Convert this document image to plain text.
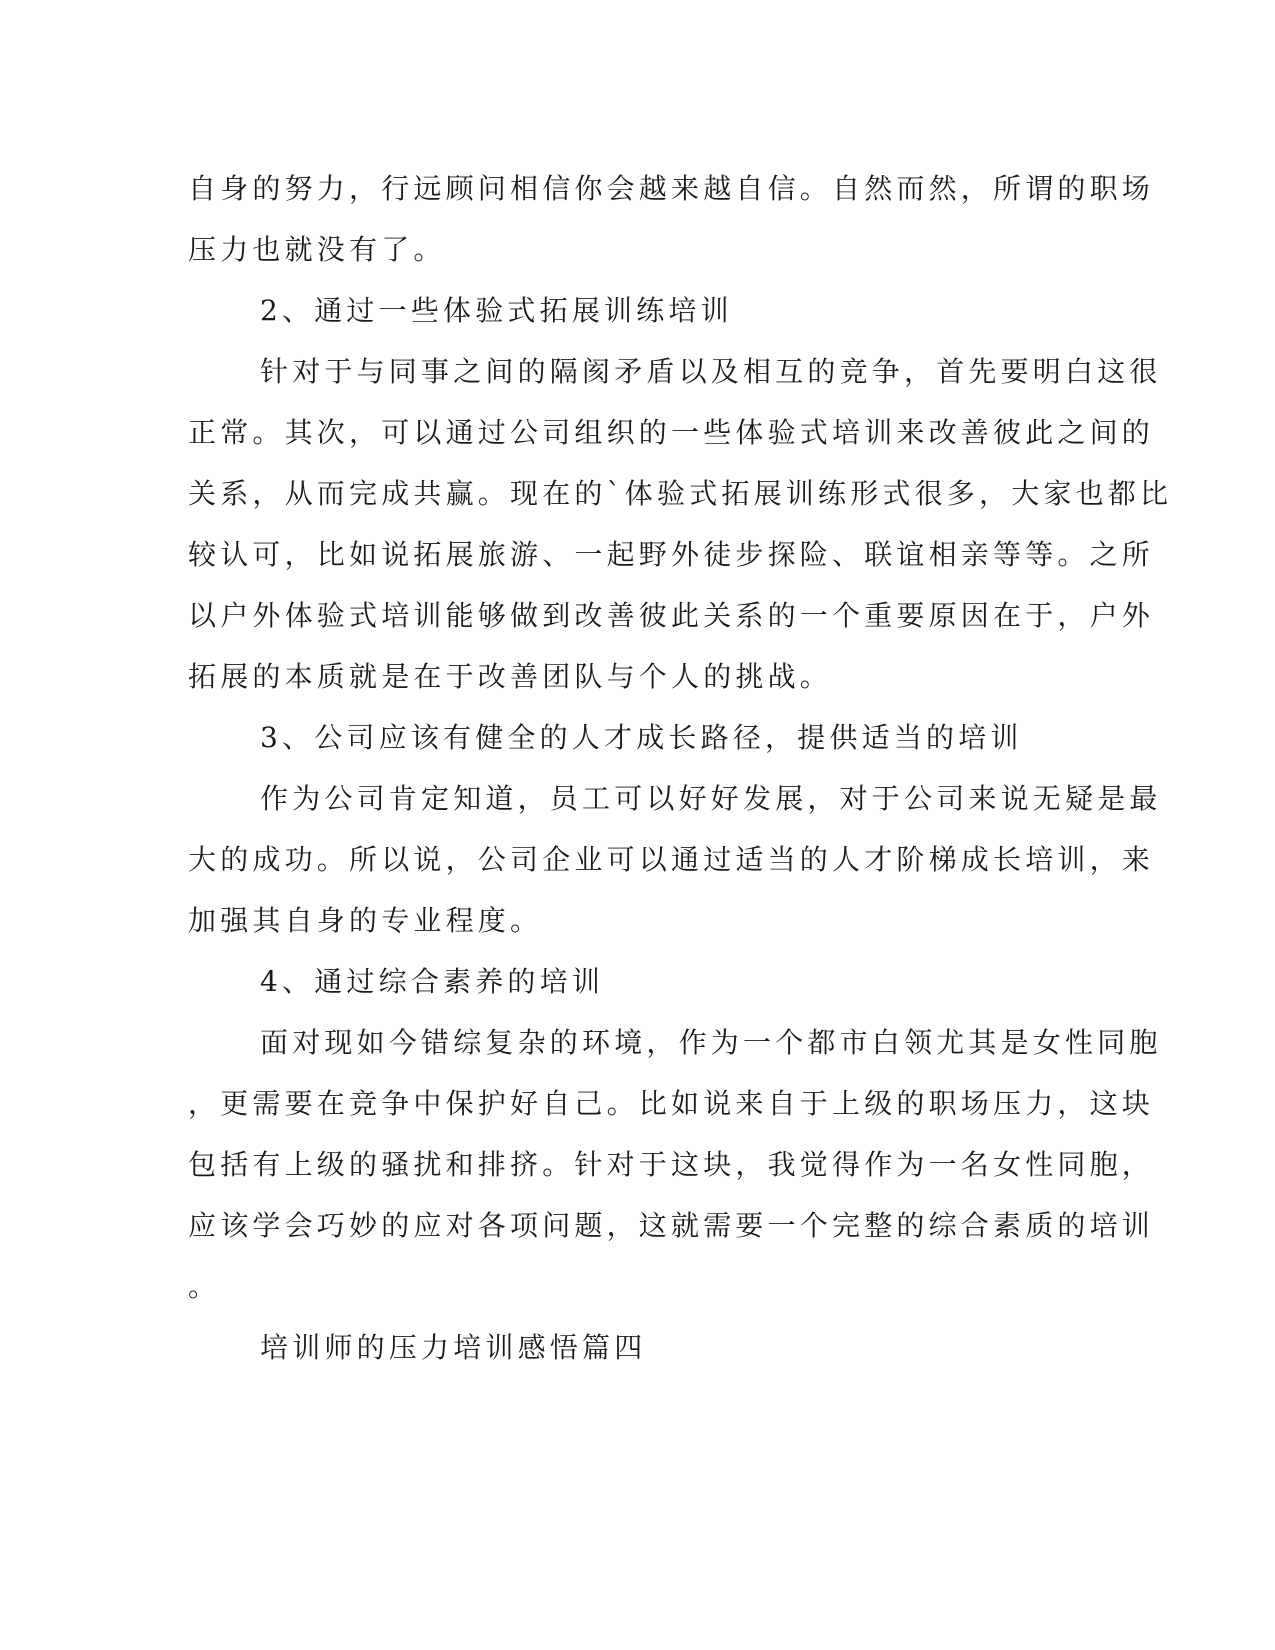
自身的努力，行远顾问相信你会越来越自信。自然而然，所谓的职场
压力也就没有了。

2、通过一些体验式拓展训练培训

针对于与同事之间的隔阂矛盾以及相互的竞争，首先要明白这很
正常。其次，可以通过公司组织的一些体验式培训来改善彼此之间的
关系，从而完成共赢。现在的`体验式拓展训练形式很多，大家也都比
较认可，比如说拓展旅游、一起野外徒步探险、联谊相亲等等。之所
以户外体验式培训能够做到改善彼此关系的一个重要原因在于，户外
拓展的本质就是在于改善团队与个人的挑战。

3、公司应该有健全的人才成长路径，提供适当的培训

作为公司肯定知道，员工可以好好发展，对于公司来说无疑是最
大的成功。所以说，公司企业可以通过适当的人才阶梯成长培训，来
加强其自身的专业程度。

4、通过综合素养的培训

面对现如今错综复杂的环境，作为一个都市白领尤其是女性同胞
，更需要在竞争中保护好自己。比如说来自于上级的职场压力，这块
包括有上级的骚扰和排挤。针对于这块，我觉得作为一名女性同胞，
应该学会巧妙的应对各项问题，这就需要一个完整的综合素质的培训
。

培训师的压力培训感悟篇四
